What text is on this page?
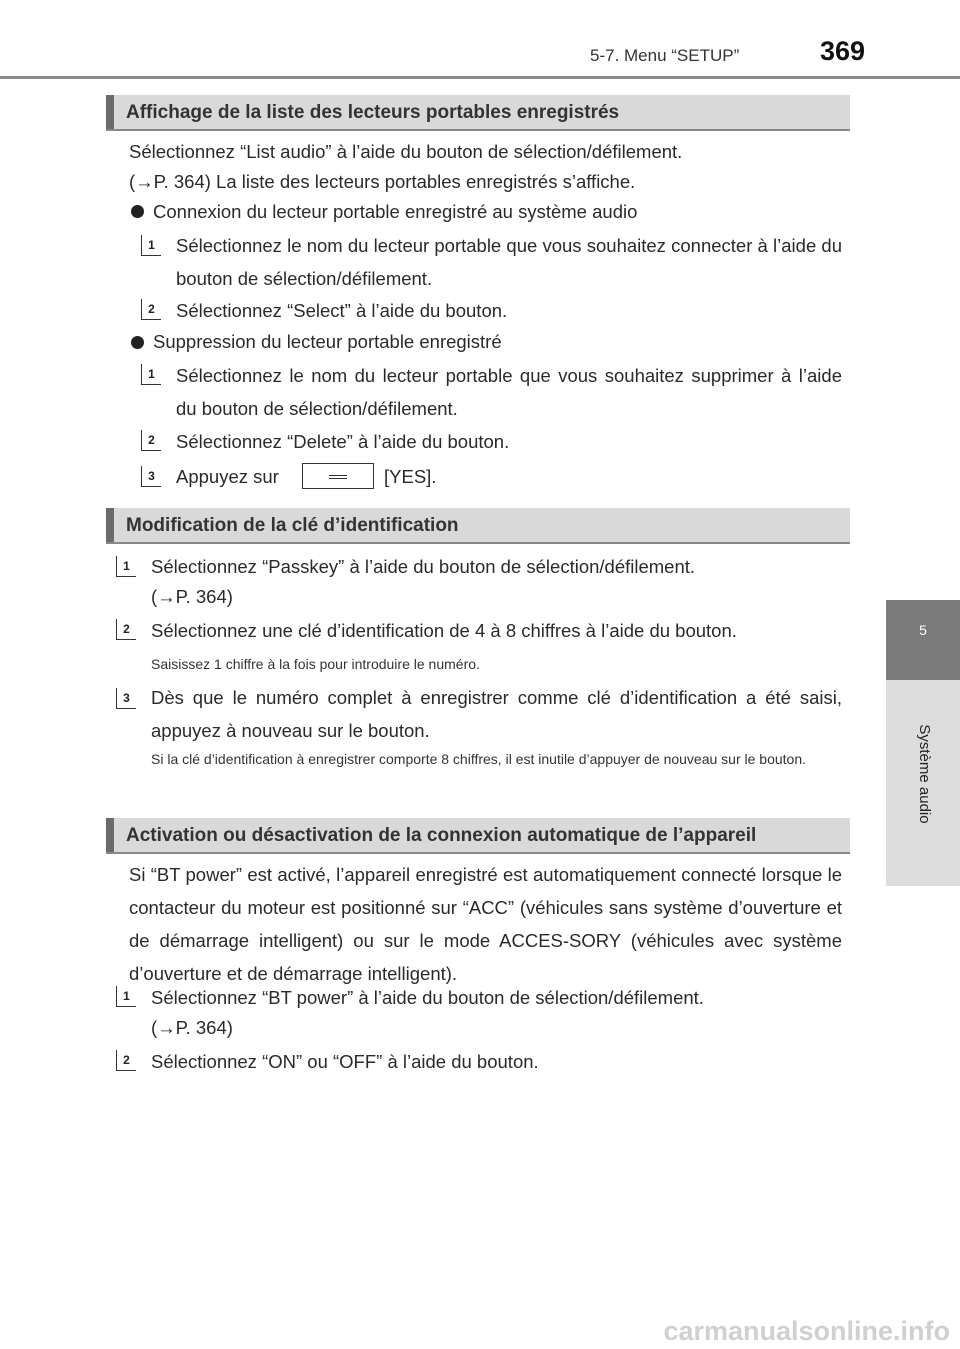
5-7. Menu “SETUP”	369
5
Système audio
Affichage de la liste des lecteurs portables enregistrés
Sélectionnez “List audio” à l’aide du bouton de sélection/défilement.
(→P. 364) La liste des lecteurs portables enregistrés s’affiche.
Connexion du lecteur portable enregistré au système audio
1	Sélectionnez le nom du lecteur portable que vous souhaitez connecter à l’aide du bouton de sélection/défilement.
2	Sélectionnez “Select” à l’aide du bouton.
Suppression du lecteur portable enregistré
1	Sélectionnez le nom du lecteur portable que vous souhaitez supprimer à l’aide du bouton de sélection/défilement.
2	Sélectionnez “Delete” à l’aide du bouton.
3	Appuyez sur	[YES].
Modification de la clé d’identification
1	Sélectionnez “Passkey” à l’aide du bouton de sélection/défilement.
(→P. 364)
2	Sélectionnez une clé d’identification de 4 à 8 chiffres à l’aide du bouton.
Saisissez 1 chiffre à la fois pour introduire le numéro.
3	Dès que le numéro complet à enregistrer comme clé d’identification a été saisi, appuyez à nouveau sur le bouton.
Si la clé d’identification à enregistrer comporte 8 chiffres, il est inutile d’appuyer de nouveau sur le bouton.
Activation ou désactivation de la connexion automatique de l’appareil
Si “BT power” est activé, l’appareil enregistré est automatiquement connecté lorsque le contacteur du moteur est positionné sur “ACC” (véhicules sans système d’ouverture et de démarrage intelligent) ou sur le mode ACCES-SORY (véhicules avec système d’ouverture et de démarrage intelligent).
1	Sélectionnez “BT power” à l’aide du bouton de sélection/défilement.
(→P. 364)
2	Sélectionnez “ON” ou “OFF” à l’aide du bouton.
carmanualsonline.info
